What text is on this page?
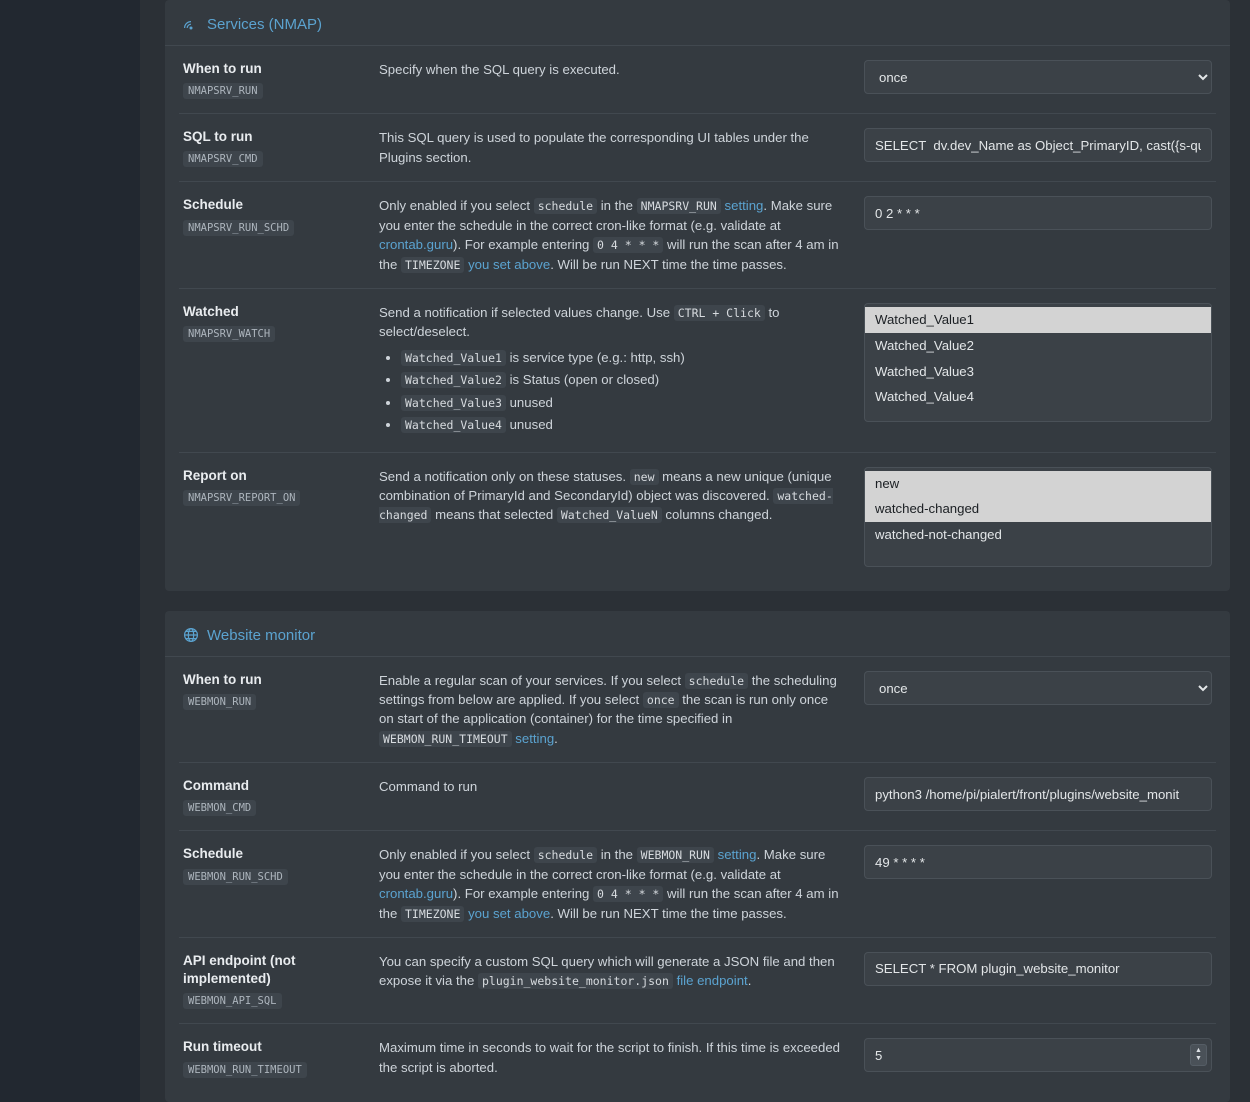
Services (NMAP)
When to run
NMAPSRV_RUN
Specify when the SQL query is executed.
once
SQL to run
NMAPSRV_CMD
This SQL query is used to populate the corresponding UI tables under the Plugins section.
SELECT dv.dev_Name as Object_PrimaryID, cast({s-quo
Schedule
NMAPSRV_RUN_SCHD
Only enabled if you select schedule in the NMAPSRV_RUN setting. Make sure you enter the schedule in the correct cron-like format (e.g. validate at crontab.guru). For example entering 0 4 * * * will run the scan after 4 am in the TIMEZONE you set above. Will be run NEXT time the time passes.
0 2 * * *
Watched
NMAPSRV_WATCH
Send a notification if selected values change. Use CTRL + Click to select/deselect.
• Watched_Value1 is service type (e.g.: http, ssh)
• Watched_Value2 is Status (open or closed)
• Watched_Value3 unused
• Watched_Value4 unused
Watched_Value1
Watched_Value2
Watched_Value3
Watched_Value4
Report on
NMAPSRV_REPORT_ON
Send a notification only on these statuses. new means a new unique (unique combination of PrimaryId and SecondaryId) object was discovered. watched-changed means that selected Watched_ValueN columns changed.
new
watched-changed
watched-not-changed
Website monitor
When to run
WEBMON_RUN
Enable a regular scan of your services. If you select schedule the scheduling settings from below are applied. If you select once the scan is run only once on start of the application (container) for the time specified in WEBMON_RUN_TIMEOUT setting.
once
Command
WEBMON_CMD
Command to run
python3 /home/pi/pialert/front/plugins/website_monit
Schedule
WEBMON_RUN_SCHD
Only enabled if you select schedule in the WEBMON_RUN setting. Make sure you enter the schedule in the correct cron-like format (e.g. validate at crontab.guru). For example entering 0 4 * * * will run the scan after 4 am in the TIMEZONE you set above. Will be run NEXT time the time passes.
49 * * * *
API endpoint (not implemented)
WEBMON_API_SQL
You can specify a custom SQL query which will generate a JSON file and then expose it via the plugin_website_monitor.json file endpoint.
SELECT * FROM plugin_website_monitor
Run timeout
WEBMON_RUN_TIMEOUT
Maximum time in seconds to wait for the script to finish. If this time is exceeded the script is aborted.
5
▲
▼
